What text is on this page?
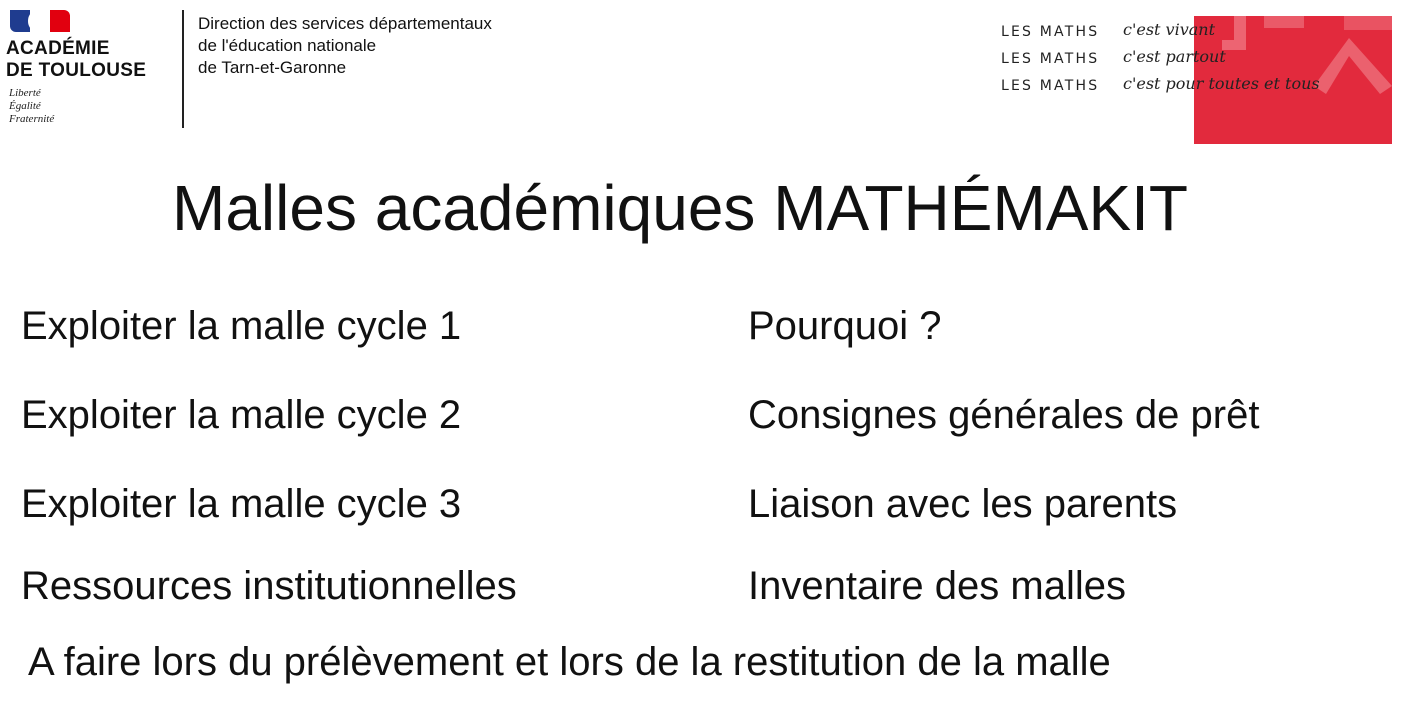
ACADÉMIE
DE TOULOUSE
Liberté
Égalité
Fraternité
Direction des services départementaux
de l'éducation nationale
de Tarn-et-Garonne
LES MATHS c'est vivant
LES MATHS c'est partout
LES MATHS c'est pour toutes et tous
Plan
mathématiques
Malles académiques MATHÉMAKIT
Exploiter la malle cycle 1
Exploiter la malle cycle 2
Exploiter la malle cycle 3
Ressources institutionnelles
Pourquoi ?
Consignes générales de prêt
Liaison avec les parents
Inventaire des malles
A faire lors du prélèvement et lors de la restitution de la malle
